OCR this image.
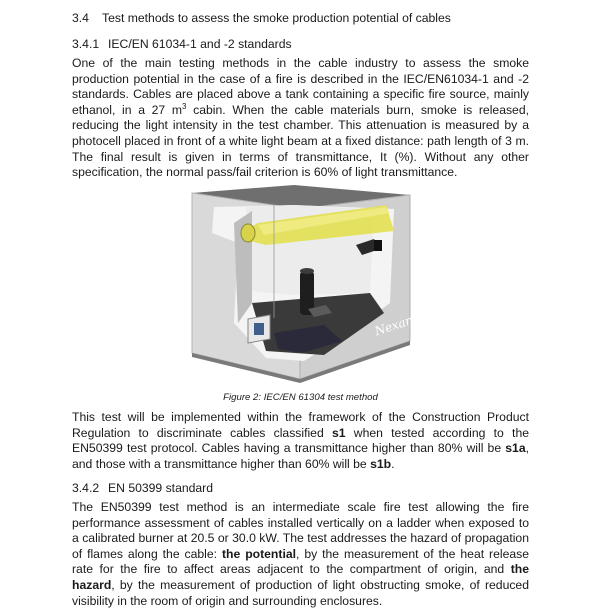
3.4 Test methods to assess the smoke production potential of cables
3.4.1 IEC/EN 61034-1 and -2 standards

One of the main testing methods in the cable industry to assess the smoke production potential in the case of a fire is described in the IEC/EN61034-1 and -2 standards. Cables are placed above a tank containing a specific fire source, mainly ethanol, in a 27 $m^3$ cabin. When the cable materials burn, smoke is released, reducing the light intensity in the test chamber. This attenuation is measured by a photocell placed in front of a white light beam at a fixed distance: path length of 3 m. The final result is given in terms of transmittance, It (%). Without any other specification, the normal pass/fail criterion is 60% of light transmittance.

Nexans
Figure 2: IEC/EN 61304 test method

This test will be implemented within the framework of the Construction Product Regulation to discriminate cables classified s1 when tested according to the EN50399 test protocol. Cables having a transmittance higher than 80% will be s1a, and those with a transmittance higher than 60% will be s1b.

3.4.2 EN 50399 standard

The EN50399 test method is an intermediate scale fire test allowing the fire performance assessment of cables installed vertically on a ladder when exposed to a calibrated burner at 20.5 or 30.0 kW. The test addresses the hazard of propagation of flames along the cable: the potential, by the measurement of the heat release rate for the fire to affect areas adjacent to the compartment of origin, and the hazard, by the measurement of production of light obstructing smoke, of reduced visibility in the room of origin and surrounding enclosures.
